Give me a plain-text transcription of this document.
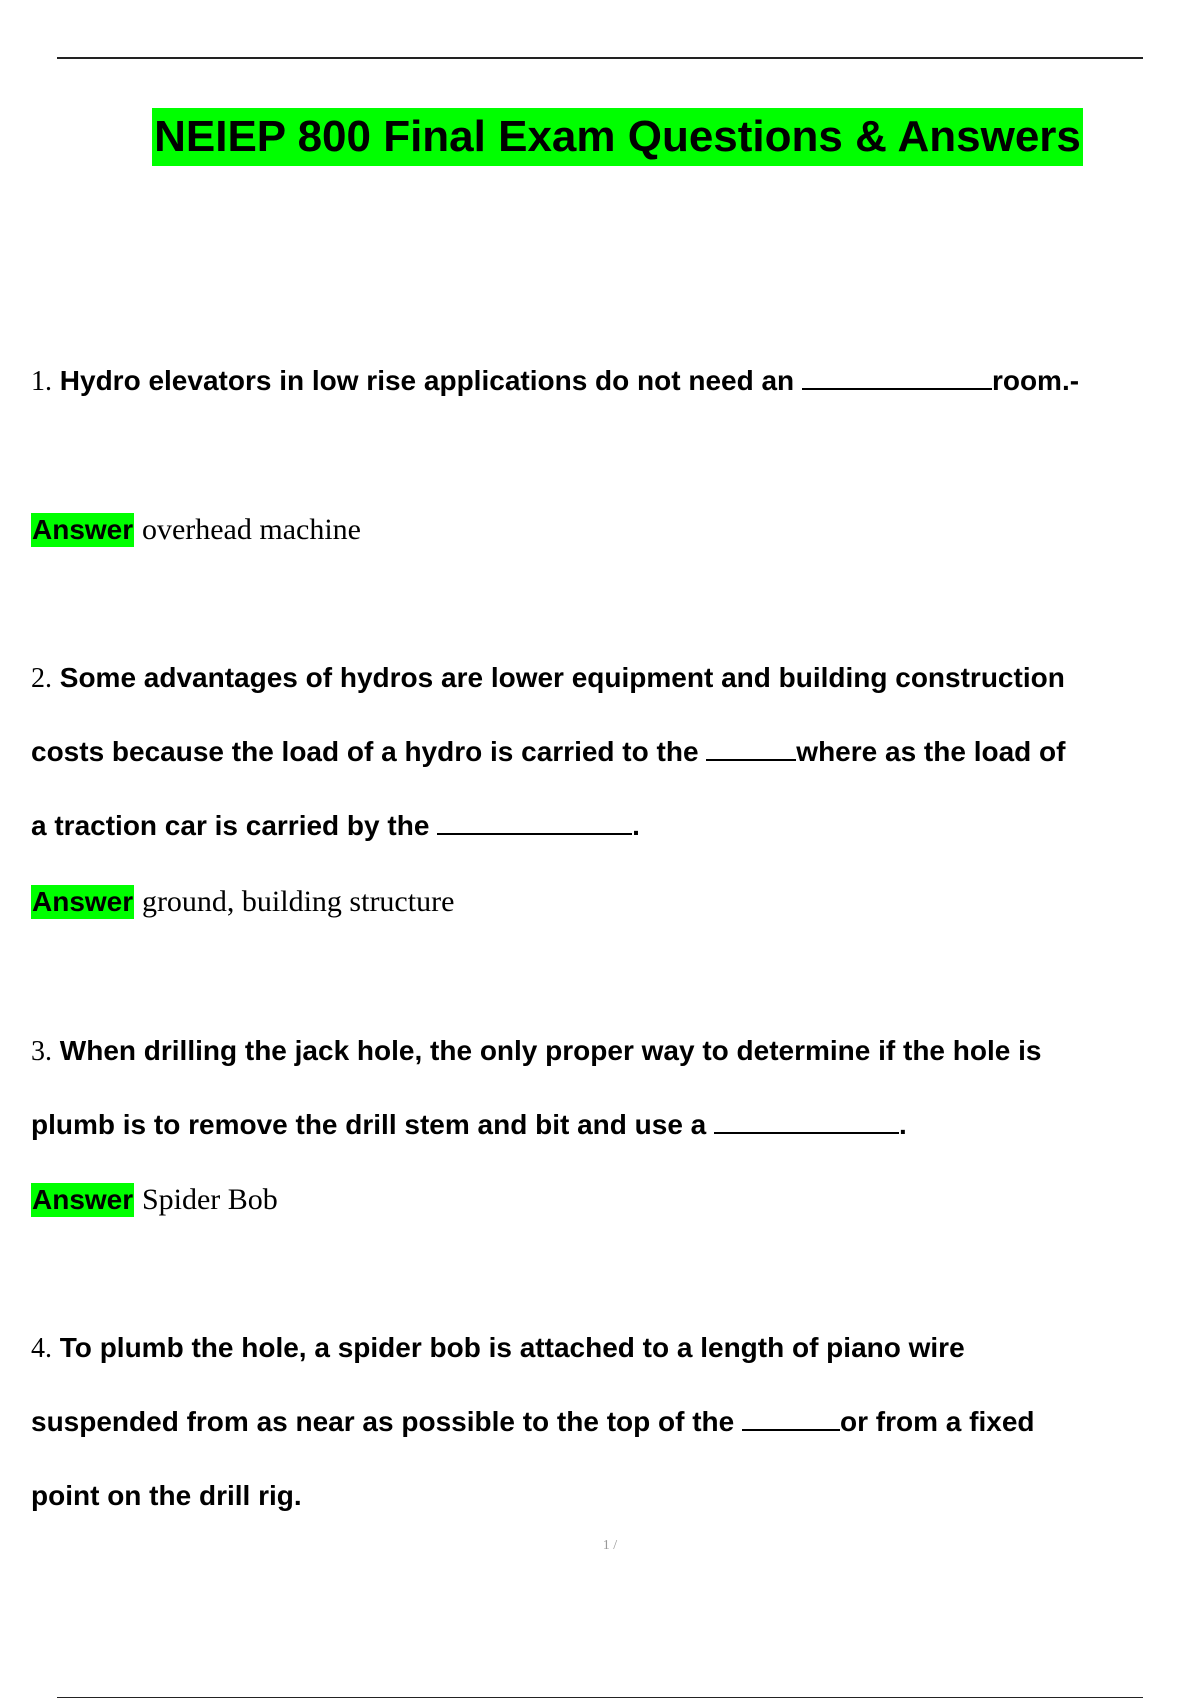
NEIEP 800 Final Exam Questions & Answers
1. Hydro elevators in low rise applications do not need an	room.-
Answer overhead machine
2. Some advantages of hydros are lower equipment and building construction
costs because the load of a hydro is carried to the	where as the load of
a traction car is carried by the	.
Answer ground, building structure
3. When drilling the jack hole, the only proper way to determine if the hole is
plumb is to remove the drill stem and bit and use a	.
Answer Spider Bob
4. To plumb the hole, a spider bob is attached to a length of piano wire
suspended from as near as possible to the top of the	or from a fixed
point on the drill rig.
1 /
